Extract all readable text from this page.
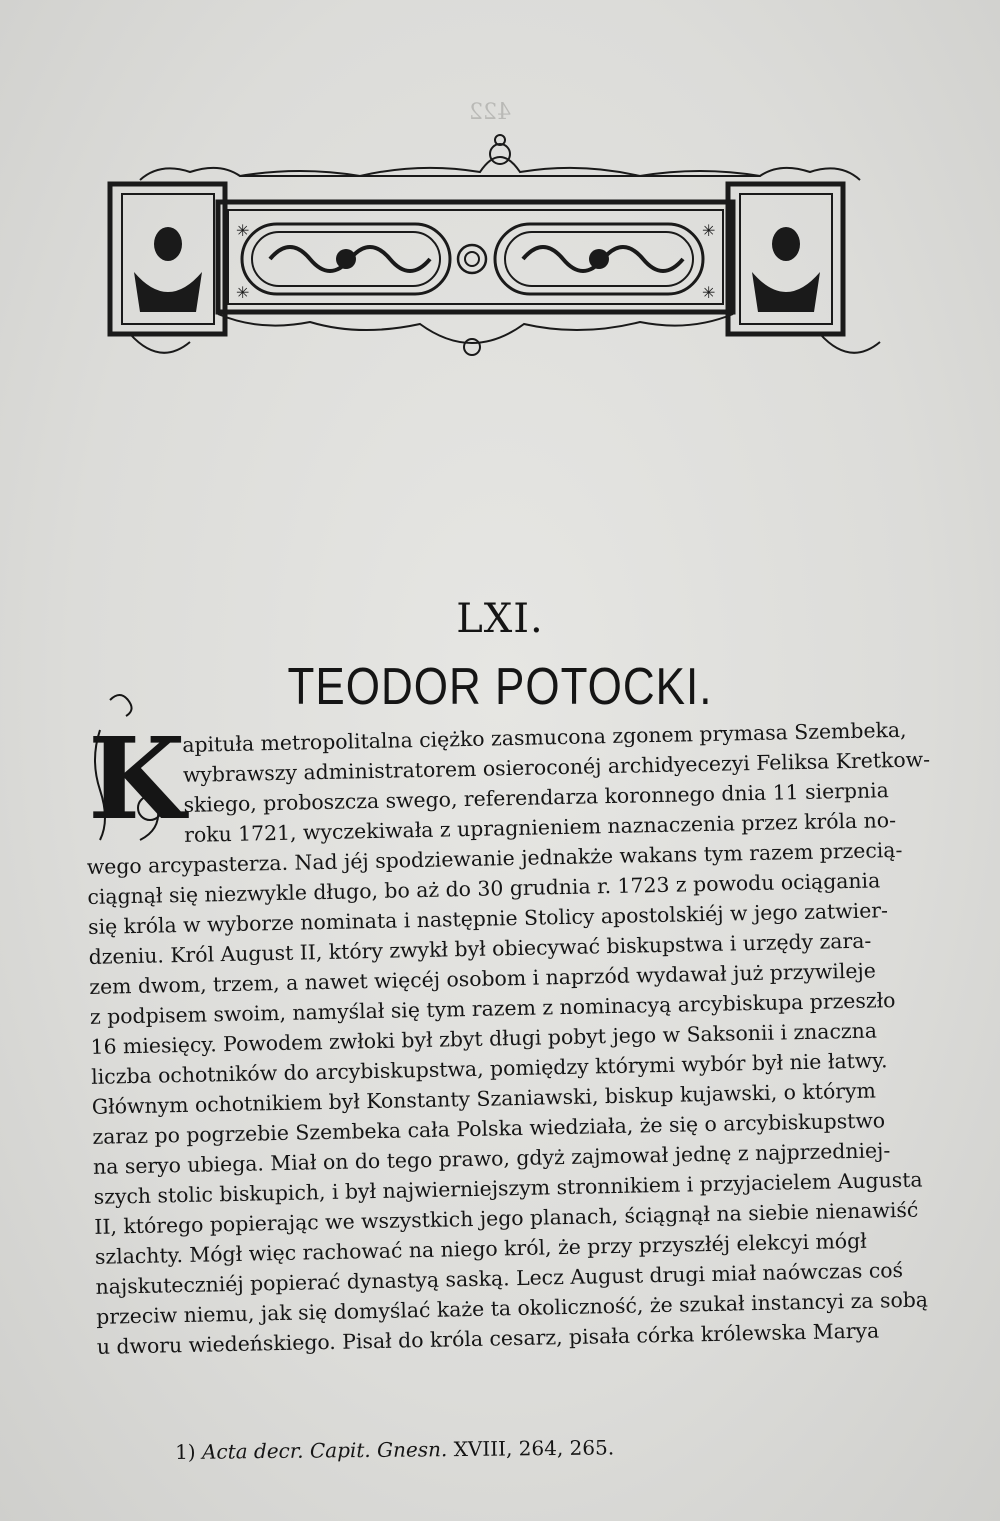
422
✳
✳
✳
✳
LXI.
TEODOR POTOCKI.
K
apituła metropolitalna ciężko zasmucona zgonem prymasa Szembeka,
wybrawszy administratorem osieroconéj archidyecezyi Feliksa Kretkow-
skiego, proboszcza swego, referendarza koronnego dnia 11 sierpnia
roku 1721, wyczekiwała z upragnieniem naznaczenia przez króla no-
wego arcypasterza. Nad jéj spodziewanie jednakże wakans tym razem przecią-
ciągnął się niezwykle długo, bo aż do 30 grudnia r. 1723 z powodu ociągania
się króla w wyborze nominata i następnie Stolicy apostolskiéj w jego zatwier-
dzeniu. Król August II, który zwykł był obiecywać biskupstwa i urzędy zara-
zem dwom, trzem, a nawet więcéj osobom i naprzód wydawał już przywileje
z podpisem swoim, namyślał się tym razem z nominacyą arcybiskupa przeszło
16 miesięcy. Powodem zwłoki był zbyt długi pobyt jego w Saksonii i znaczna
liczba ochotników do arcybiskupstwa, pomiędzy którymi wybór był nie łatwy.
Głównym ochotnikiem był Konstanty Szaniawski, biskup kujawski, o którym
zaraz po pogrzebie Szembeka cała Polska wiedziała, że się o arcybiskupstwo
na seryo ubiega. Miał on do tego prawo, gdyż zajmował jednę z najprzedniej-
szych stolic biskupich, i był najwierniejszym stronnikiem i przyjacielem Augusta
II, którego popierając we wszystkich jego planach, ściągnął na siebie nienawiść
szlachty. Mógł więc rachować na niego król, że przy przyszłéj elekcyi mógł
najskuteczniéj popierać dynastyą saską. Lecz August drugi miał naówczas coś
przeciw niemu, jak się domyślać każe ta okoliczność, że szukał instancyi za sobą
u dworu wiedeńskiego. Pisał do króla cesarz, pisała córka królewska Marya
1) Acta decr. Capit. Gnesn. XVIII, 264, 265.
